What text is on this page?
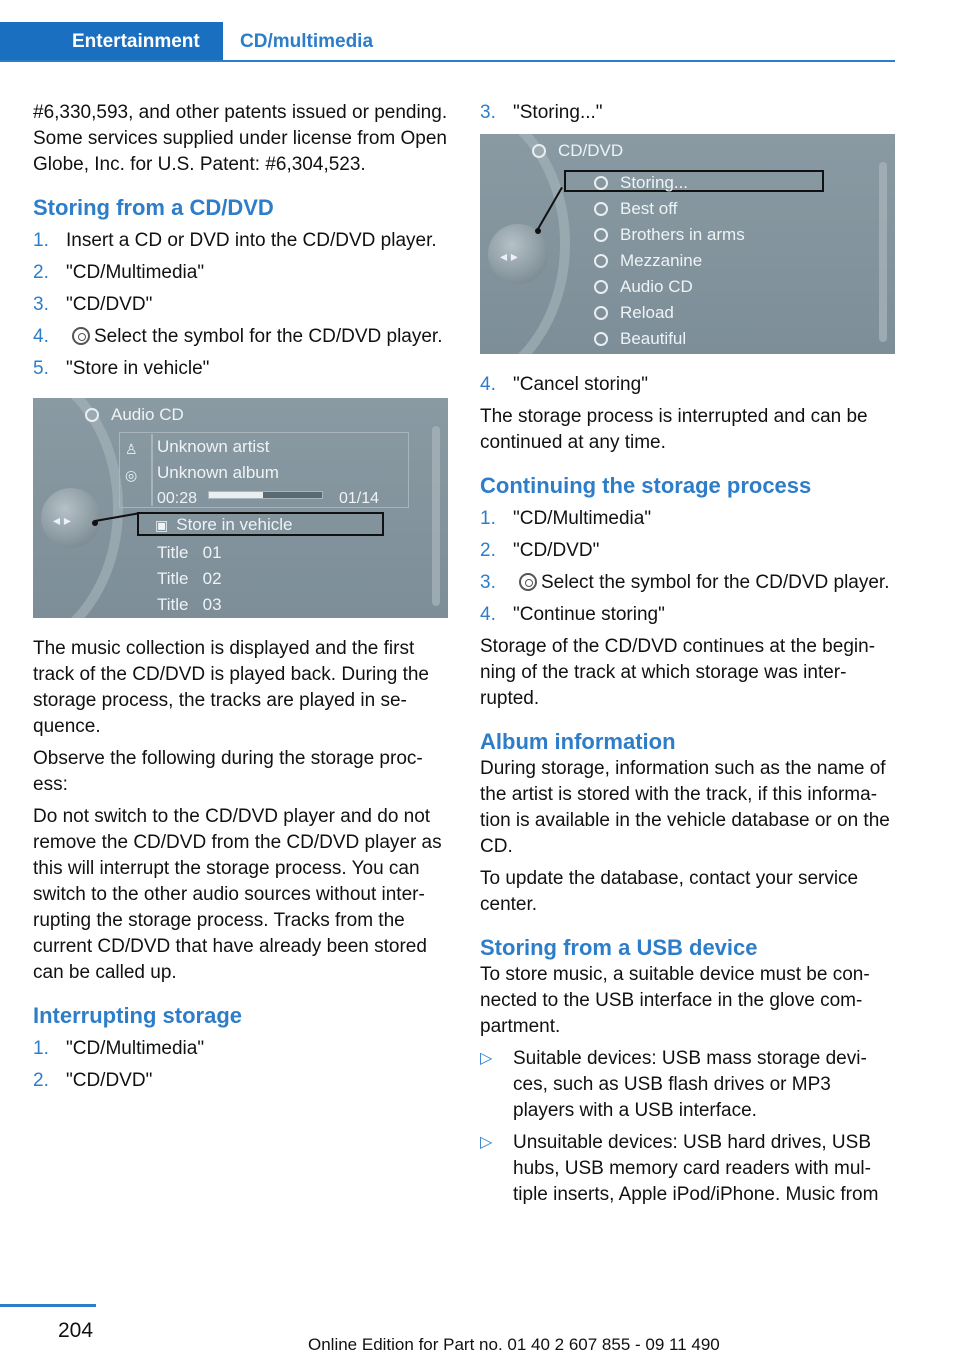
Entertainment CD/multimedia

#6,330,593, and other patents issued or pending. Some services supplied under license from Open Globe, Inc. for U.S. Patent: #6,304,523.

Storing from a CD/DVD
1. Insert a CD or DVD into the CD/DVD player.
2. "CD/Multimedia"
3. "CD/DVD"
4. Select the symbol for the CD/DVD player.
5. "Store in vehicle"
◂ ▸
Audio CD
♙
◎
Unknown artist
Unknown album
00:28	01/14
▣ Store in vehicle
Title 01
Title 02
Title 03

The music collection is displayed and the first track of the CD/DVD is played back. During the storage process, the tracks are played in sequence.

Observe the following during the storage process:

Do not switch to the CD/DVD player and do not remove the CD/DVD from the CD/DVD player as this will interrupt the storage process. You can switch to the other audio sources without interrupting the storage process. Tracks from the current CD/DVD that have already been stored can be called up.

Interrupting storage
1. "CD/Multimedia"
2. "CD/DVD"
3. "Storing..."
◂ ▸
CD/DVD
Storing...
Best off
Brothers in arms
Mezzanine
Audio CD
Reload
Beautiful
4. "Cancel storing"

The storage process is interrupted and can be continued at any time.

Continuing the storage process
1. "CD/Multimedia"
2. "CD/DVD"
3. Select the symbol for the CD/DVD player.
4. "Continue storing"

Storage of the CD/DVD continues at the beginning of the track at which storage was interrupted.

Album information

During storage, information such as the name of the artist is stored with the track, if this information is available in the vehicle database or on the CD.

To update the database, contact your service center.

Storing from a USB device

To store music, a suitable device must be connected to the USB interface in the glove compartment.

▷ Suitable devices: USB mass storage devices, such as USB flash drives or MP3 players with a USB interface.
▷ Unsuitable devices: USB hard drives, USB hubs, USB memory card readers with multiple inserts, Apple iPod/iPhone. Music from
204
Online Edition for Part no. 01 40 2 607 855 - 09 11 490
